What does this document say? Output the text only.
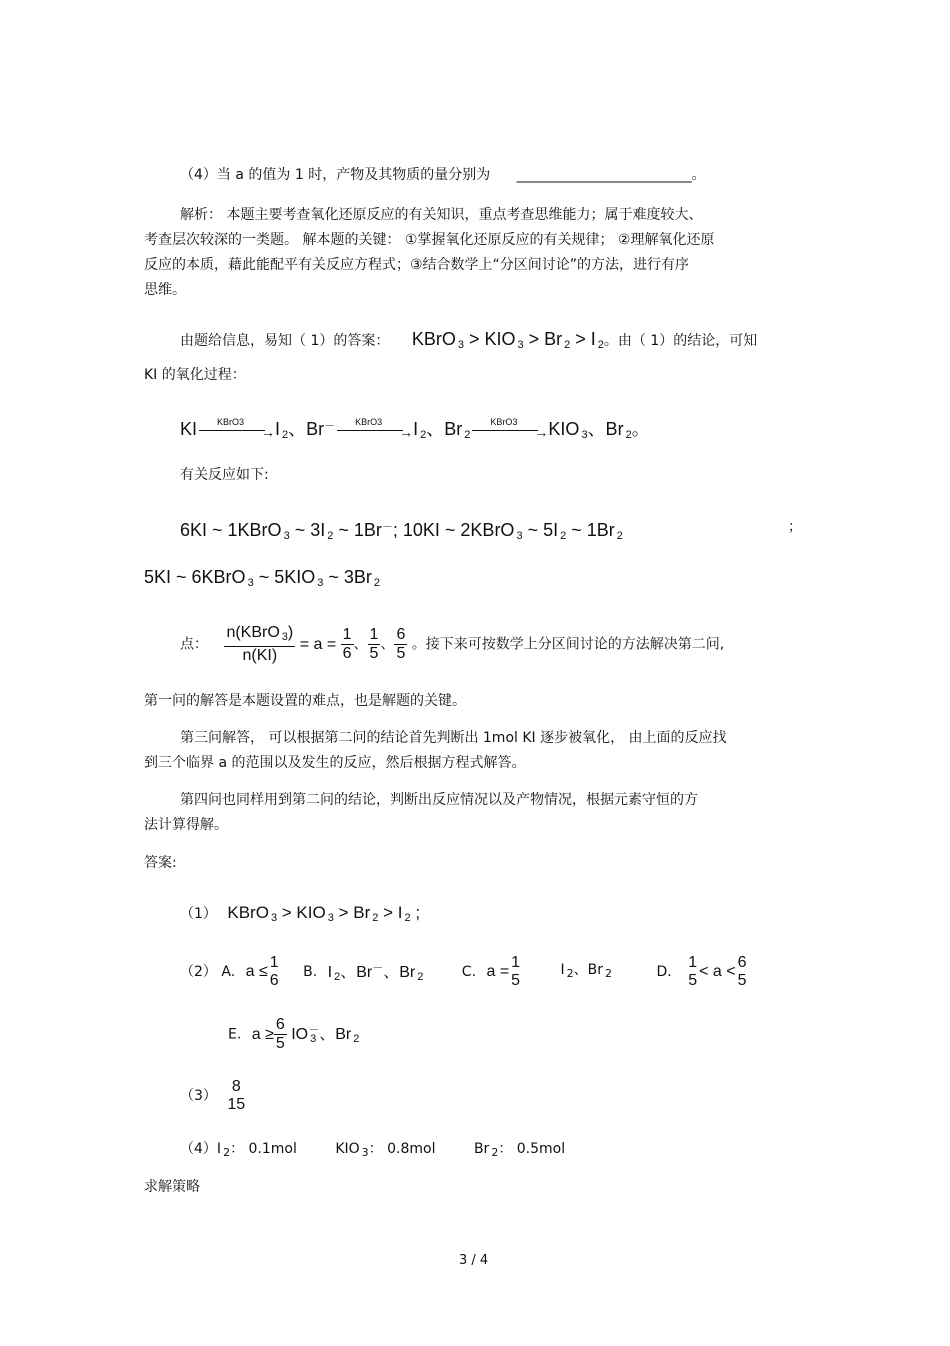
（4）当 a 的值为 1 时，产物及其物质的量分别为 _________________________。
解析： 本题主要考查氧化还原反应的有关知识，重点考查思维能力；属于难度较大、
考查层次较深的一类题。 解本题的关键： ①掌握氧化还原反应的有关规律； ②理解氧化还原
反应的本质，藉此能配平有关反应方程式；③结合数学上“分区间讨论”的方法，进行有序
思维。
由题给信息，易知（ 1）的答案： KBrO $_3$ > KIO $_3$ > Br $_2$ > I $_2$。由（ 1）的结论，可知
KI 的氧化过程：
KI KBrO3
→ I $_2$、Br－ KBrO3
→ I $_2$、Br $_2$
KBrO3
→ KIO $_3$、Br $_2$。
有关反应如下:
6KI ~ 1KBrO $_3$ ~ 3I $_2$ ~ 1Br－; 10KI ~ 2KBrO $_3$ ~ 5I $_2$ ~ 1Br $_2$
；
5KI ~ 6KBrO $_3$ ~ 5KIO $_3$ ~ 3Br $_2$
点： $\frac{n(KBrO _3)}{n(KI)} = a = \frac{1}{6}$ 、 $\frac{1}{5}$ 、 $\frac{6}{5}$ 。接下来可按数学上分区间讨论的方法解决第二问,
第一问的解答是本题设置的难点，也是解题的关键。
第三问解答， 可以根据第二问的结论首先判断出 1mol KI 逐步被氧化， 由上面的反应找
到三个临界 a 的范围以及发生的反应，然后根据方程式解答。
第四问也同样用到第二问的结论，判断出反应情况以及产物情况，根据元素守恒的方
法计算得解。
答案:
（1） KBrO $_3$ > KIO $_3$ > Br $_2$ > I $_2$ ;
（2） A. a ≤
1
6 B. I $_2$、Br－、Br $_2$	C. a =
1
5
I $_2$、Br $_2$	D.
1
5
< a <
6
5
E. $a \ge \frac{6}{5}$ IO $_3$－、Br $_2$
（3）
8
15
（4）I $_2$： 0.1mol	KIO $_3$： 0.8mol	Br $_2$： 0.5mol
求解策略
3 / 4
